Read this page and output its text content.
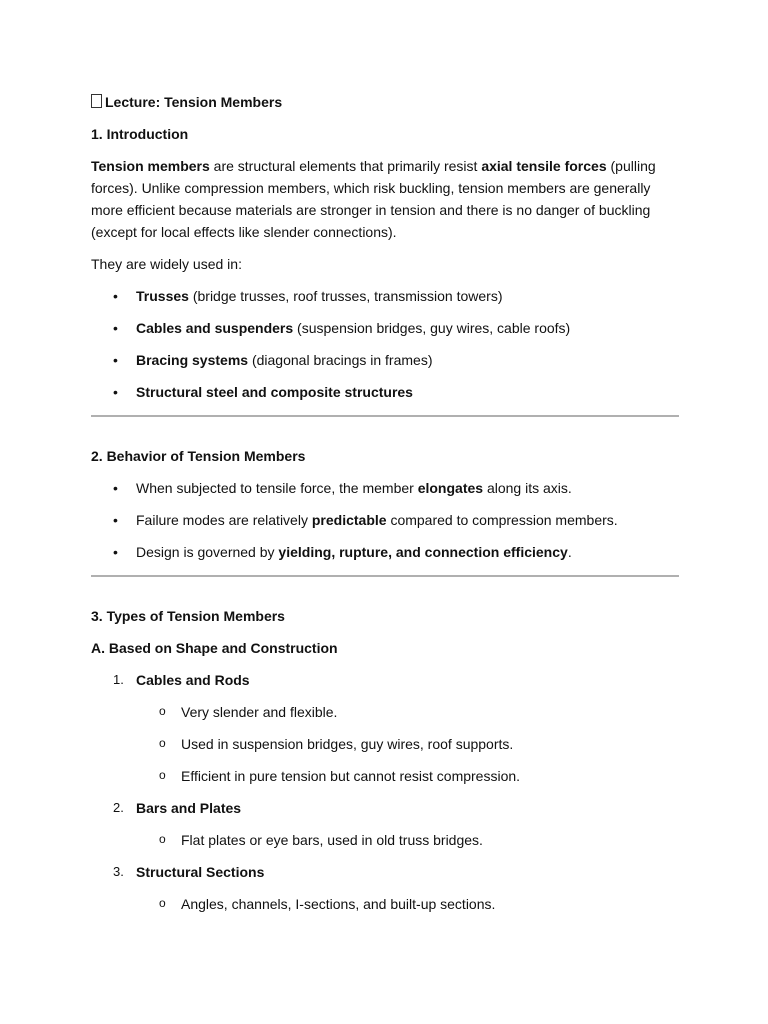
Lecture: Tension Members

1. Introduction

Tension members are structural elements that primarily resist axial tensile forces (pulling forces). Unlike compression members, which risk buckling, tension members are generally more efficient because materials are stronger in tension and there is no danger of buckling (except for local effects like slender connections).

They are widely used in:

• Trusses (bridge trusses, roof trusses, transmission towers)
• Cables and suspenders (suspension bridges, guy wires, cable roofs)
• Bracing systems (diagonal bracings in frames)
• Structural steel and composite structures

2. Behavior of Tension Members

• When subjected to tensile force, the member elongates along its axis.
• Failure modes are relatively predictable compared to compression members.
• Design is governed by yielding, rupture, and connection efficiency.

3. Types of Tension Members

A. Based on Shape and Construction

1. Cables and Rods
o Very slender and flexible.
o Used in suspension bridges, guy wires, roof supports.
o Efficient in pure tension but cannot resist compression.
2. Bars and Plates
o Flat plates or eye bars, used in old truss bridges.
3. Structural Sections
o Angles, channels, I-sections, and built-up sections.
